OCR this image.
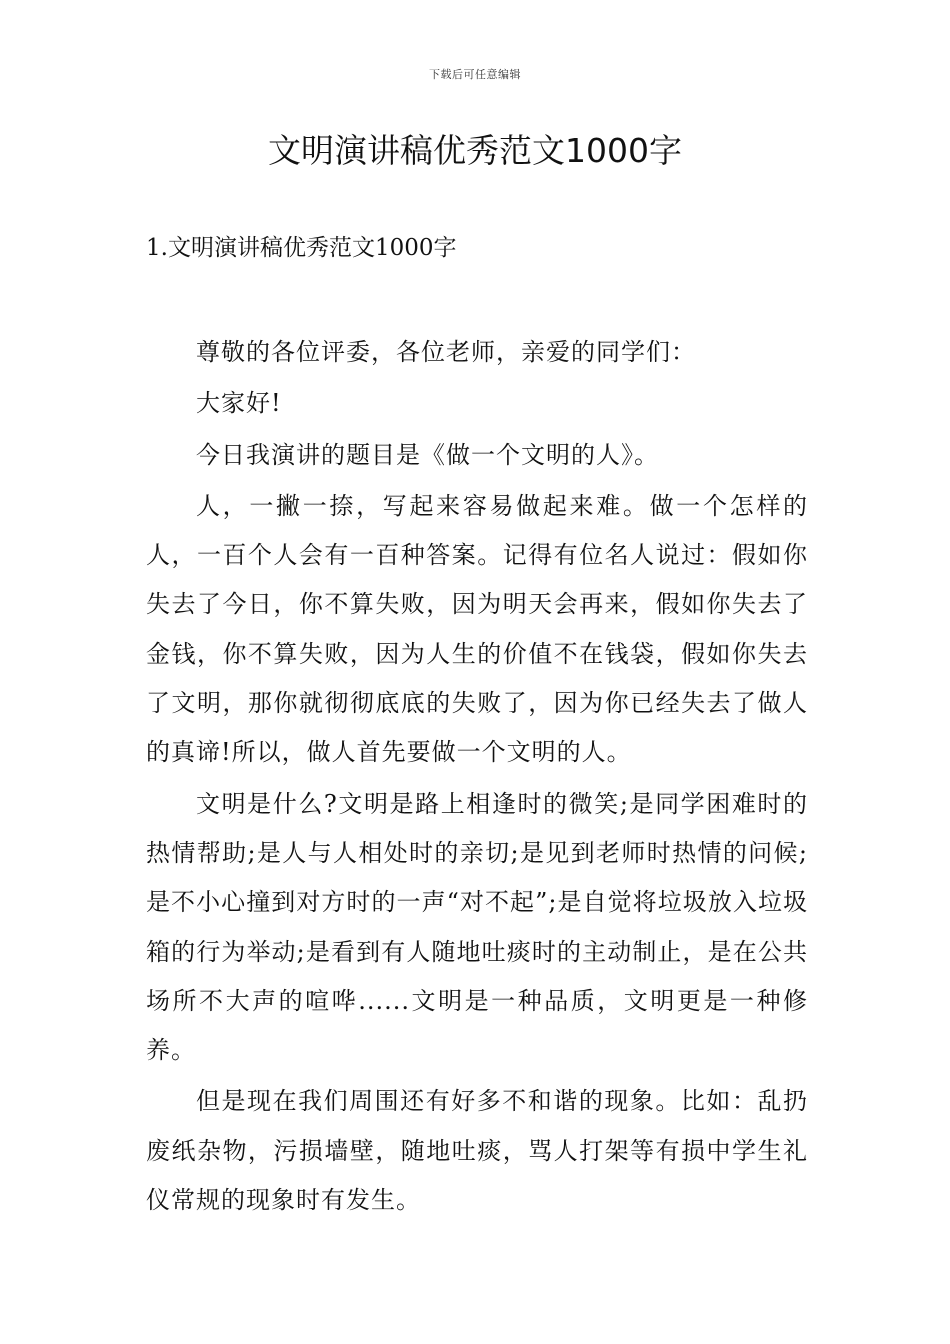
下载后可任意编辑
文明演讲稿优秀范文1000字
1.文明演讲稿优秀范文1000字

尊敬的各位评委，各位老师，亲爱的同学们：

大家好!

今日我演讲的题目是《做一个文明的人》。

人，一撇一捺，写起来容易做起来难。做一个怎样的人，一百个人会有一百种答案。记得有位名人说过：假如你失去了今日，你不算失败，因为明天会再来，假如你失去了金钱，你不算失败，因为人生的价值不在钱袋，假如你失去了文明，那你就彻彻底底的失败了，因为你已经失去了做人的真谛!所以，做人首先要做一个文明的人。

文明是什么?文明是路上相逢时的微笑;是同学困难时的热情帮助;是人与人相处时的亲切;是见到老师时热情的问候;是不小心撞到对方时的一声“对不起”;是自觉将垃圾放入垃圾箱的行为举动;是看到有人随地吐痰时的主动制止，是在公共场所不大声的喧哗......文明是一种品质，文明更是一种修养。

但是现在我们周围还有好多不和谐的现象。比如：乱扔废纸杂物，污损墙壁，随地吐痰，骂人打架等有损中学生礼仪常规的现象时有发生。
